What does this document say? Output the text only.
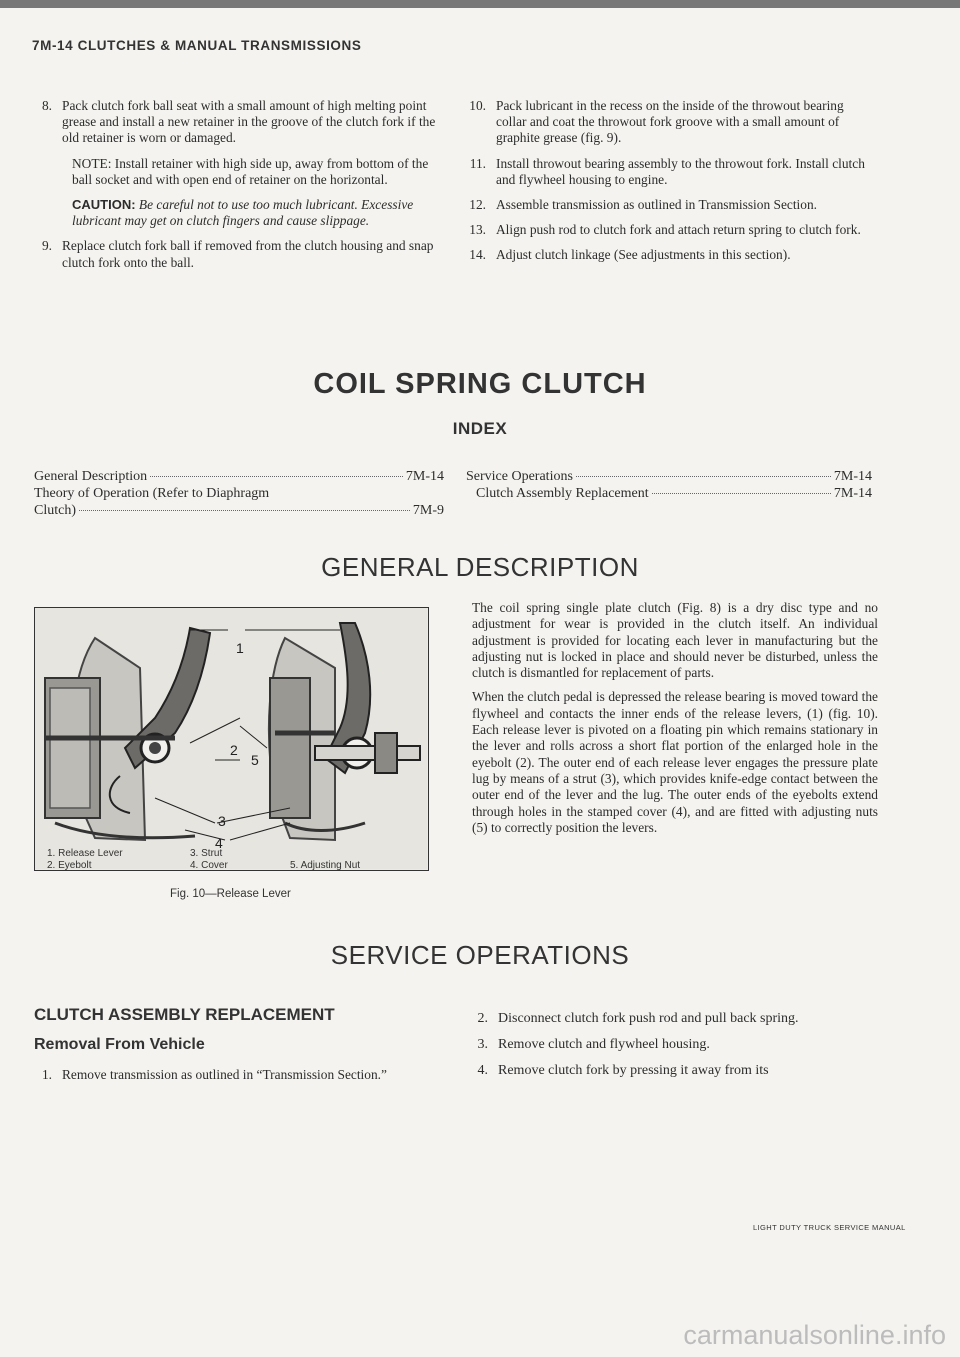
7M-14 CLUTCHES & MANUAL TRANSMISSIONS
8. Pack clutch fork ball seat with a small amount of high melting point grease and install a new retainer in the groove of the clutch fork if the old retainer is worn or damaged.
NOTE: Install retainer with high side up, away from bottom of the ball socket and with open end of retainer on the horizontal.
CAUTION: Be careful not to use too much lubricant. Excessive lubricant may get on clutch fingers and cause slippage.
9. Replace clutch fork ball if removed from the clutch housing and snap clutch fork onto the ball.
10. Pack lubricant in the recess on the inside of the throwout bearing collar and coat the throwout fork groove with a small amount of graphite grease (fig. 9).
11. Install throwout bearing assembly to the throwout fork. Install clutch and flywheel housing to engine.
12. Assemble transmission as outlined in Transmission Section.
13. Align push rod to clutch fork and attach return spring to clutch fork.
14. Adjust clutch linkage (See adjustments in this section).
COIL SPRING CLUTCH
INDEX
General Description	7M-14
Theory of Operation (Refer to Diaphragm
Clutch)	7M-9
Service Operations	7M-14
Clutch Assembly Replacement	7M-14
GENERAL DESCRIPTION
1
2
5
3
4
1. Release Lever
2. Eyebolt
3. Strut
4. Cover	5. Adjusting Nut
Fig. 10—Release Lever

The coil spring single plate clutch (Fig. 8) is a dry disc type and no adjustment for wear is provided in the clutch itself. An individual adjustment is provided for locating each lever in manufacturing but the adjusting nut is locked in place and should never be disturbed, unless the clutch is dismantled for replacement of parts.

When the clutch pedal is depressed the release bearing is moved toward the flywheel and contacts the inner ends of the release levers, (1) (fig. 10). Each release lever is pivoted on a floating pin which remains stationary in the lever and rolls across a short flat portion of the enlarged hole in the eyebolt (2). The outer end of each release lever engages the pressure plate lug by means of a strut (3), which provides knife-edge contact between the outer end of the lever and the lug. The outer ends of the eyebolts extend through holes in the stamped cover (4), and are fitted with adjusting nuts (5) to correctly position the levers.

SERVICE OPERATIONS
CLUTCH ASSEMBLY REPLACEMENT
Removal From Vehicle
1. Remove transmission as outlined in “Transmission Section.”
2. Disconnect clutch fork push rod and pull back spring.
3. Remove clutch and flywheel housing.
4. Remove clutch fork by pressing it away from its
LIGHT DUTY TRUCK SERVICE MANUAL
carmanualsonline.info
